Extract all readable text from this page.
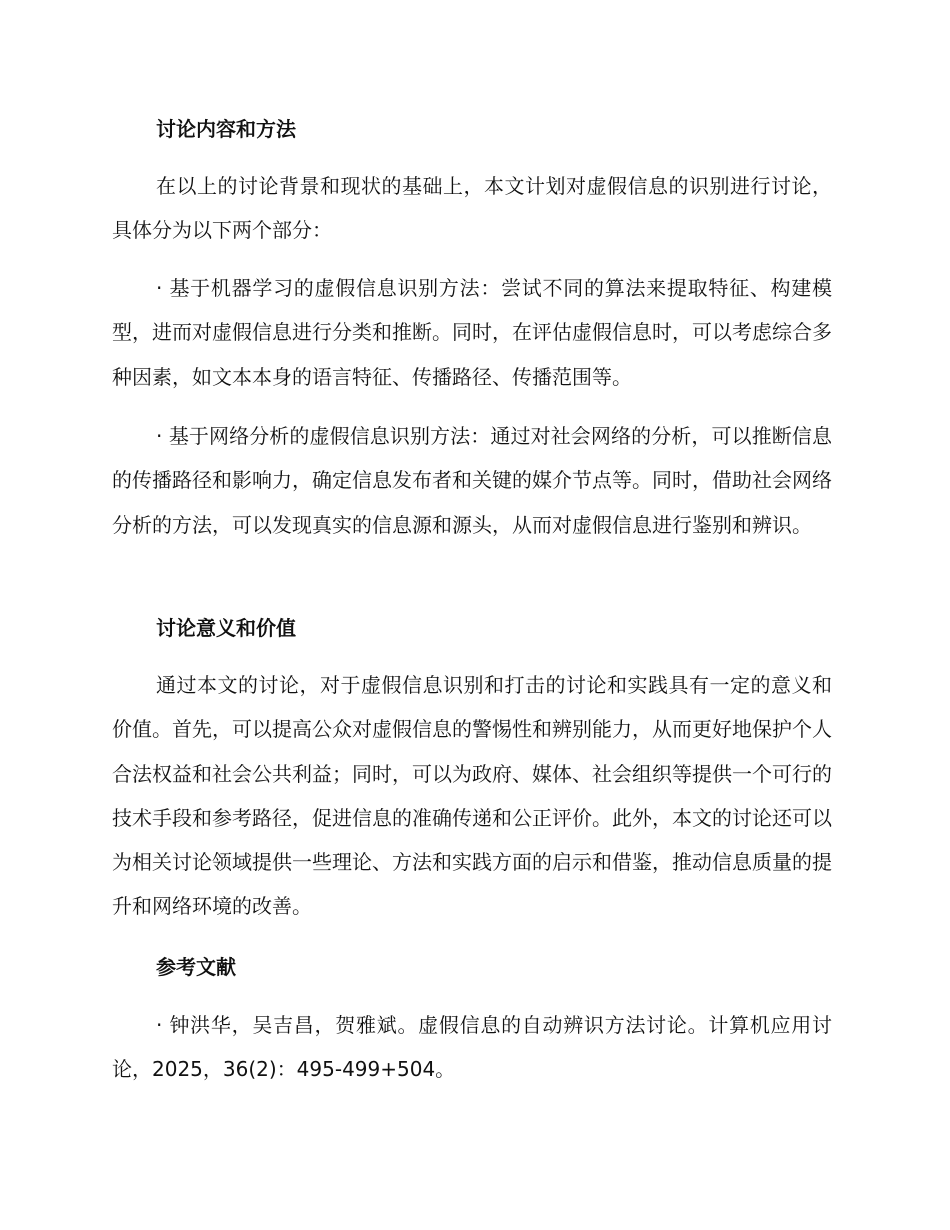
讨论内容和方法

在以上的讨论背景和现状的基础上，本文计划对虚假信息的识别进行讨论，具体分为以下两个部分：

· 基于机器学习的虚假信息识别方法：尝试不同的算法来提取特征、构建模型，进而对虚假信息进行分类和推断。同时，在评估虚假信息时，可以考虑综合多种因素，如文本本身的语言特征、传播路径、传播范围等。

· 基于网络分析的虚假信息识别方法：通过对社会网络的分析，可以推断信息的传播路径和影响力，确定信息发布者和关键的媒介节点等。同时，借助社会网络分析的方法，可以发现真实的信息源和源头，从而对虚假信息进行鉴别和辨识。

讨论意义和价值

通过本文的讨论，对于虚假信息识别和打击的讨论和实践具有一定的意义和价值。首先，可以提高公众对虚假信息的警惕性和辨别能力，从而更好地保护个人合法权益和社会公共利益；同时，可以为政府、媒体、社会组织等提供一个可行的技术手段和参考路径，促进信息的准确传递和公正评价。此外，本文的讨论还可以为相关讨论领域提供一些理论、方法和实践方面的启示和借鉴，推动信息质量的提升和网络环境的改善。

参考文献

· 钟洪华，吴吉昌，贺雅斌。虚假信息的自动辨识方法讨论。计算机应用讨论，2025，36(2)：495-499+504。
